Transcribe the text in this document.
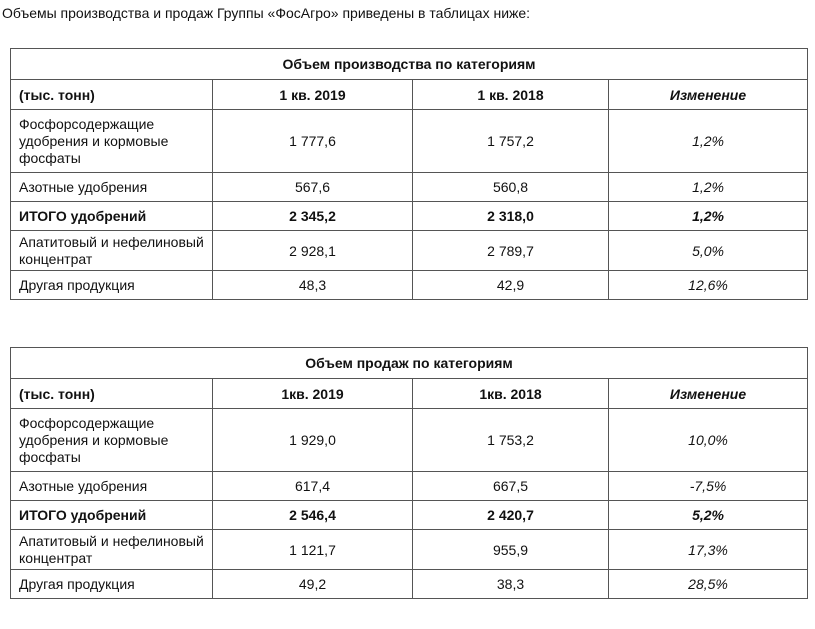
Объемы производства и продаж Группы «ФосАгро» приведены в таблицах ниже:
Объем производства по категориям			
(тыс. тонн)	1 кв. 2019	1 кв. 2018	Изменение
Фосфорсодержащие удобрения и кормовые фосфаты	1 777,6	1 757,2	1,2%
Азотные удобрения	567,6	560,8	1,2%
ИТОГО удобрений	2 345,2	2 318,0	1,2%
Апатитовый и нефелиновый концентрат	2 928,1	2 789,7	5,0%
Другая продукция	48,3	42,9	12,6%
Объем продаж по категориям			
(тыс. тонн)	1кв. 2019	1кв. 2018	Изменение
Фосфорсодержащие удобрения и кормовые фосфаты	1 929,0	1 753,2	10,0%
Азотные удобрения	617,4	667,5	-7,5%
ИТОГО удобрений	2 546,4	2 420,7	5,2%
Апатитовый и нефелиновый концентрат	1 121,7	955,9	17,3%
Другая продукция	49,2	38,3	28,5%
